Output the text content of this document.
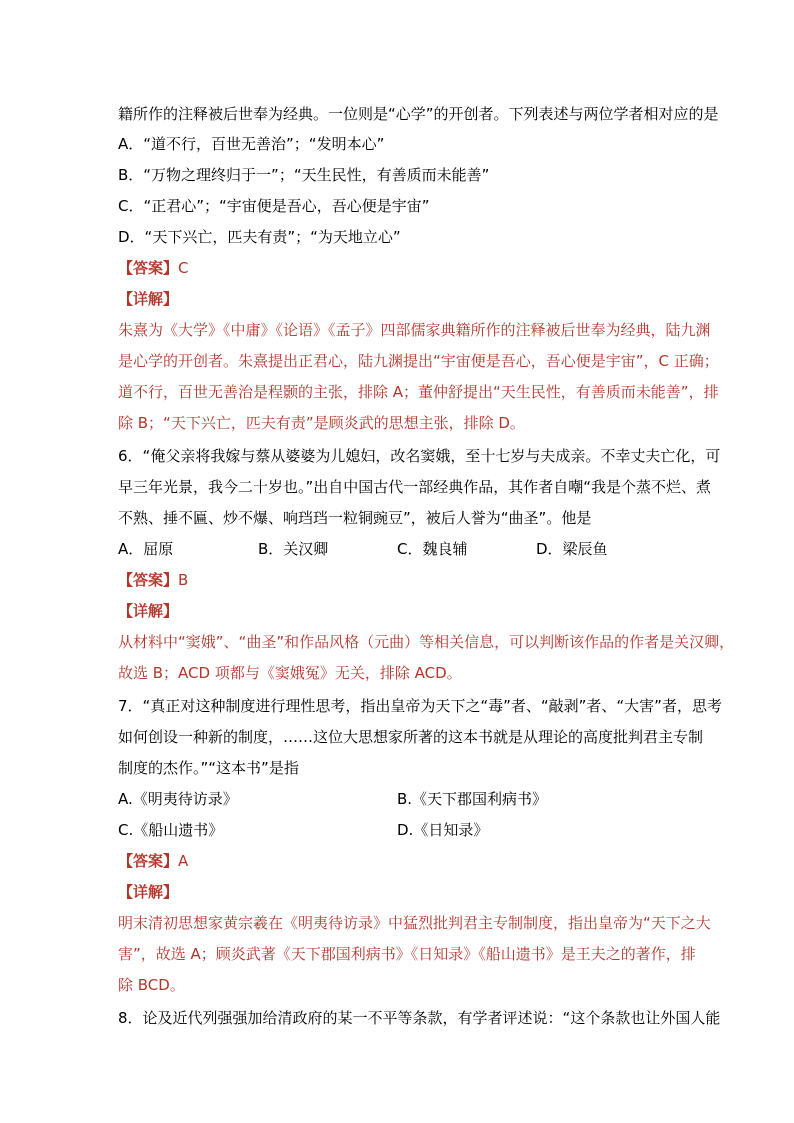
籍所作的注释被后世奉为经典。一位则是“心学”的开创者。下列表述与两位学者相对应的是
A．“道不行，百世无善治”；“发明本心”
B．“万物之理终归于一”；“天生民性，有善质而未能善”
C．“正君心”；“宇宙便是吾心，吾心便是宇宙”
D．“天下兴亡，匹夫有责”；“为天地立心”
【答案】C
【详解】
朱熹为《大学》《中庸》《论语》《孟子》四部儒家典籍所作的注释被后世奉为经典，陆九渊
是心学的开创者。朱熹提出正君心，陆九渊提出“宇宙便是吾心，吾心便是宇宙”，C 正确；
道不行，百世无善治是程颢的主张，排除 A；董仲舒提出“天生民性，有善质而未能善”，排
除 B；“天下兴亡，匹夫有责”是顾炎武的思想主张，排除 D。
6．“俺父亲将我嫁与蔡从婆婆为儿媳妇，改名窦娥，至十七岁与夫成亲。不幸丈夫亡化，可
早三年光景，我今二十岁也。”出自中国古代一部经典作品，其作者自嘲“我是个蒸不烂、煮
不熟、捶不匾、炒不爆、响珰珰一粒铜豌豆”，被后人誉为“曲圣”。他是
A．屈原	B．关汉卿	C．魏良辅	D．梁辰鱼
【答案】B
【详解】
从材料中“窦娥”、“曲圣”和作品风格（元曲）等相关信息，可以判断该作品的作者是关汉卿，
故选 B；ACD 项都与《窦娥冤》无关，排除 ACD。
7．“真正对这种制度进行理性思考，指出皇帝为天下之“毒”者、“敲剥”者、“大害”者，思考
如何创设一种新的制度，……这位大思想家所著的这本书就是从理论的高度批判君主专制
制度的杰作。”“这本书”是指
A.《明夷待访录》	B.《天下郡国利病书》
C.《船山遗书》	D.《日知录》
【答案】A
【详解】
明末清初思想家黄宗羲在《明夷待访录》中猛烈批判君主专制制度，指出皇帝为“天下之大
害”，故选 A；顾炎武著《天下郡国利病书》《日知录》《船山遗书》是王夫之的著作，排
除 BCD。
8．论及近代列强强加给清政府的某一不平等条款，有学者评述说：“这个条款也让外国人能
